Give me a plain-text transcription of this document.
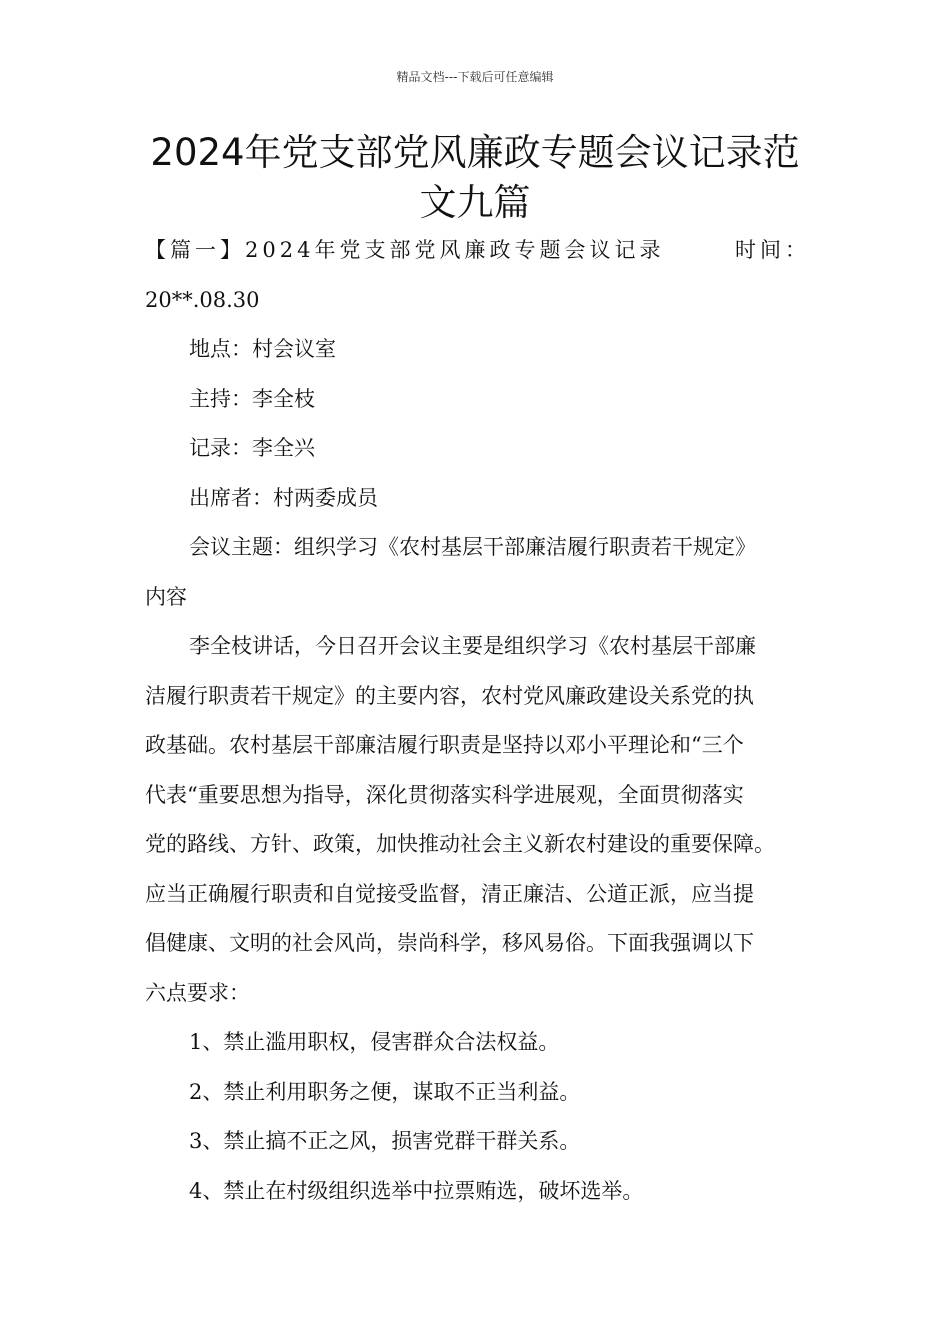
精品文档---下载后可任意编辑
2024年党支部党风廉政专题会议记录范
文九篇
【篇一】2024年党支部党风廉政专题会议记录	时间：
20**.08.30
地点：村会议室
主持：李全枝
记录：李全兴
出席者：村两委成员
会议主题：组织学习《农村基层干部廉洁履行职责若干规定》
内容
李全枝讲话，今日召开会议主要是组织学习《农村基层干部廉
洁履行职责若干规定》的主要内容，农村党风廉政建设关系党的执
政基础。农村基层干部廉洁履行职责是坚持以邓小平理论和“三个
代表“重要思想为指导，深化贯彻落实科学进展观，全面贯彻落实
党的路线、方针、政策，加快推动社会主义新农村建设的重要保障。
应当正确履行职责和自觉接受监督，清正廉洁、公道正派，应当提
倡健康、文明的社会风尚，崇尚科学，移风易俗。下面我强调以下
六点要求：
1、禁止滥用职权，侵害群众合法权益。
2、禁止利用职务之便，谋取不正当利益。
3、禁止搞不正之风，损害党群干群关系。
4、禁止在村级组织选举中拉票贿选，破坏选举。
